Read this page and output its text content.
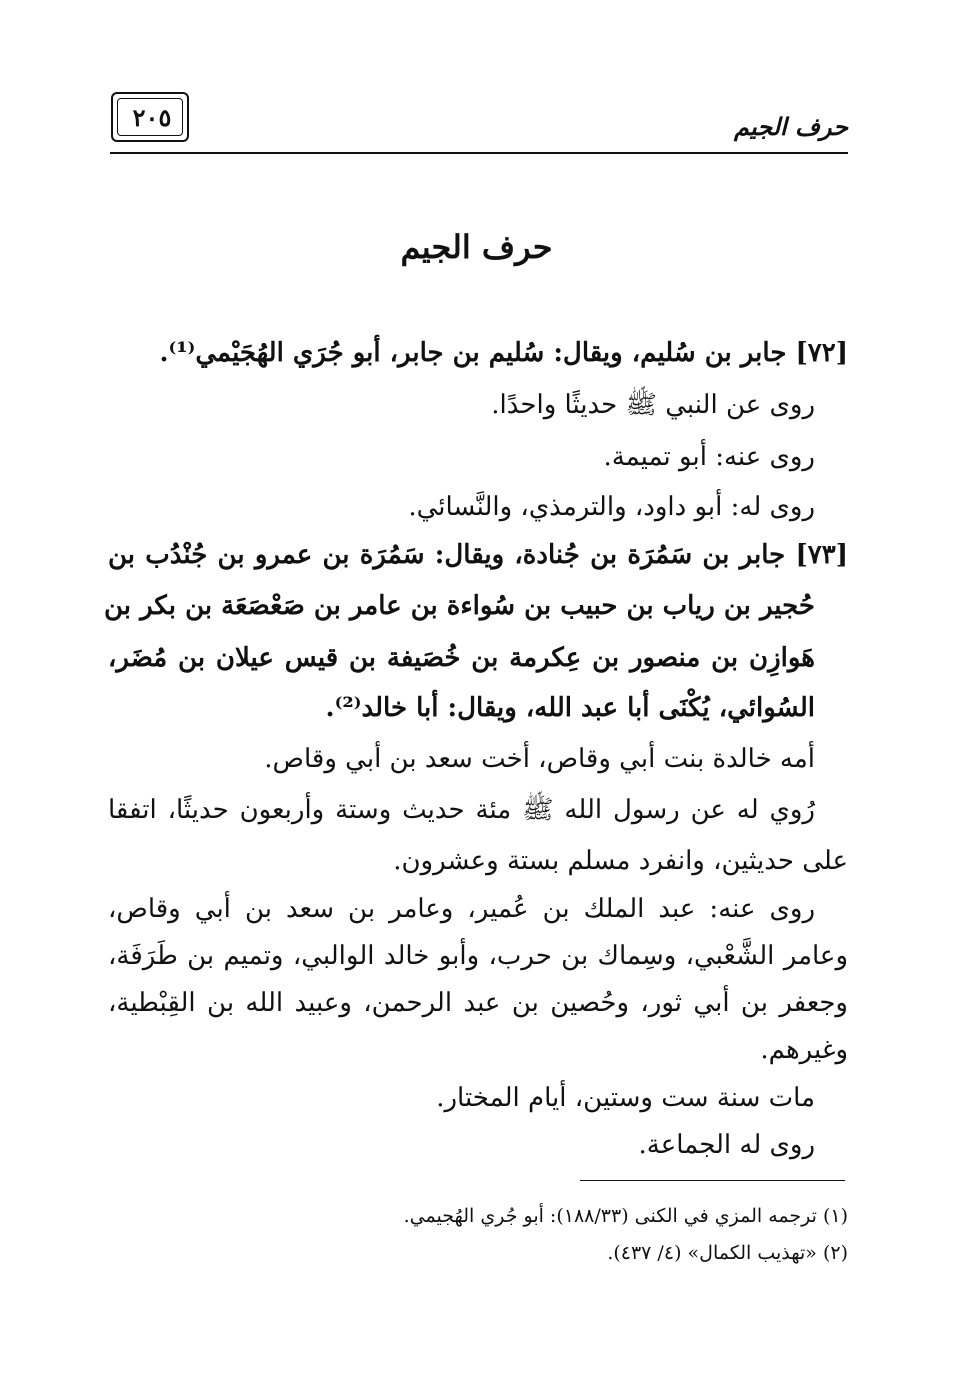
٢٠٥	حرف الجيم
حرف الجيم
[٧٢] جابر بن سُليم، ويقال: سُليم بن جابر، أبو جُرَي الهُجَيْمي⁽¹⁾.
روى عن النبي ﷺ حديثًا واحدًا.
روى عنه: أبو تميمة.
روى له: أبو داود، والترمذي، والنَّسائي.
[٧٣] جابر بن سَمُرَة بن جُنادة، ويقال: سَمُرَة بن عمرو بن جُنْدُب بن
حُجير بن رياب بن حبيب بن سُواءة بن عامر بن صَعْصَعَة بن بكر بن
هَوازِن بن منصور بن عِكرمة بن خُصَيفة بن قيس عيلان بن مُضَر،
السُوائي، يُكْنَى أبا عبد الله، ويقال: أبا خالد⁽²⁾.
أمه خالدة بنت أبي وقاص، أخت سعد بن أبي وقاص.
رُوي له عن رسول الله ﷺ مئة حديث وستة وأربعون حديثًا، اتفقا
على حديثين، وانفرد مسلم بستة وعشرون.
روى عنه: عبد الملك بن عُمير، وعامر بن سعد بن أبي وقاص،
وعامر الشَّعْبي، وسِماك بن حرب، وأبو خالد الوالبي، وتميم بن طَرَفَة،
وجعفر بن أبي ثور، وحُصين بن عبد الرحمن، وعبيد الله بن القِبْطية،
وغيرهم.
مات سنة ست وستين، أيام المختار.
روى له الجماعة.
(١) ترجمه المزي في الكنى (١٨٨/٣٣): أبو جُري الهُجيمي.
(٢) «تهذيب الكمال» (٤/ ٤٣٧).
